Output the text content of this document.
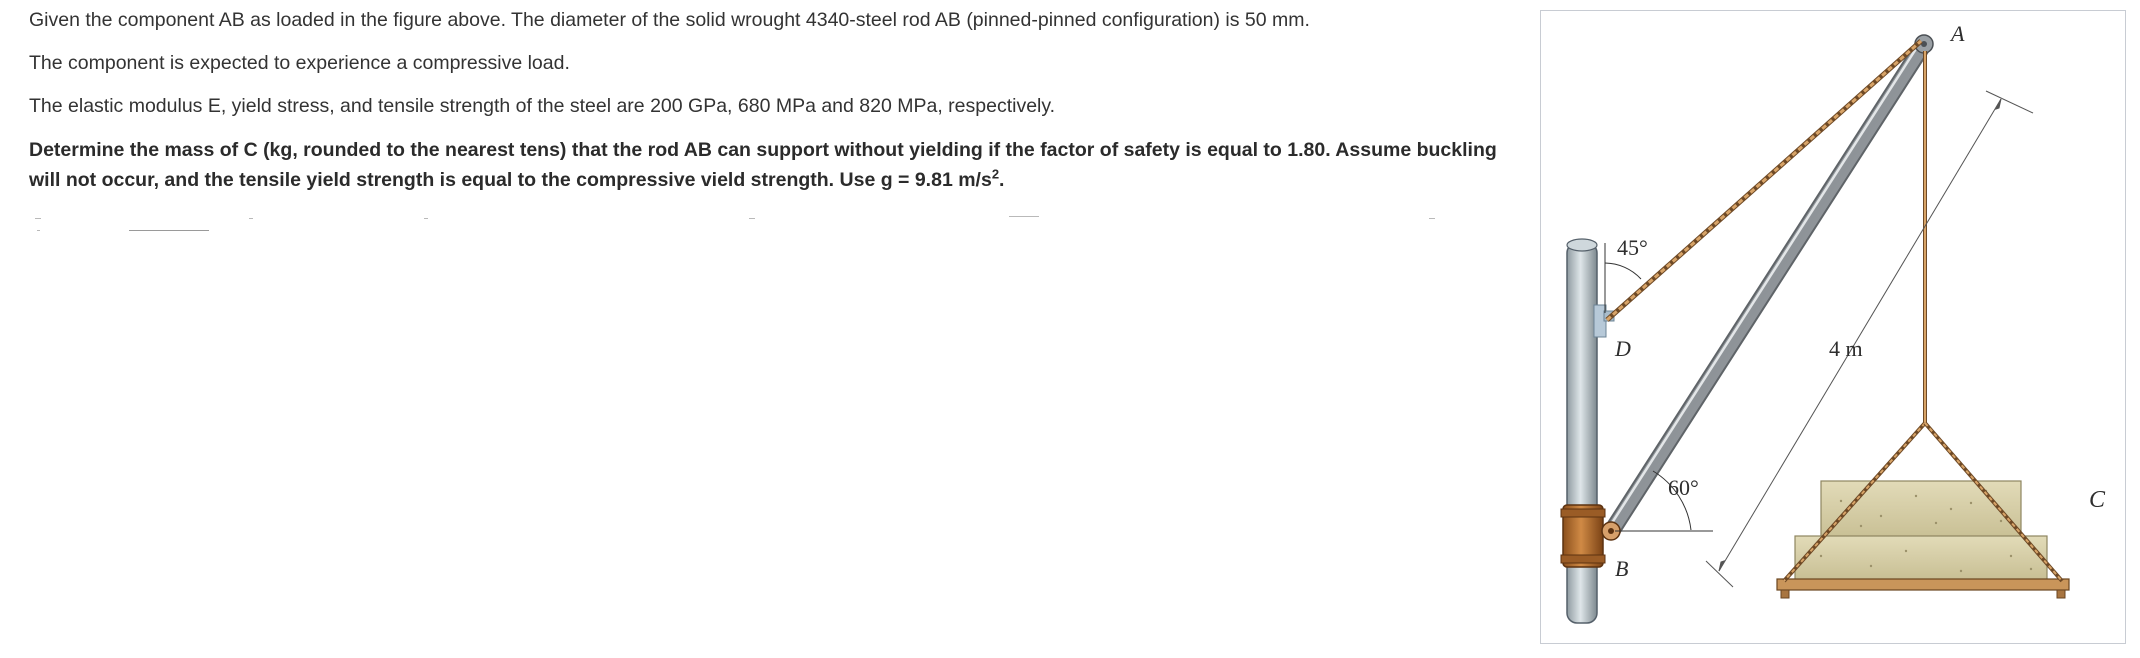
Given the component AB as loaded in the figure above. The diameter of the solid wrought 4340-steel rod AB (pinned-pinned configuration) is 50 mm.

The component is expected to experience a compressive load.

The elastic modulus E, yield stress, and tensile strength of the steel are 200 GPa, 680 MPa and 820 MPa, respectively.

Determine the mass of C (kg, rounded to the nearest tens) that the rod AB can support without yielding if the factor of safety is equal to 1.80. Assume buckling will not occur, and the tensile yield strength is equal to the compressive vield strength. Use g = 9.81 $m/s^2$.

A
D
B
C
45°
60°
4 m
